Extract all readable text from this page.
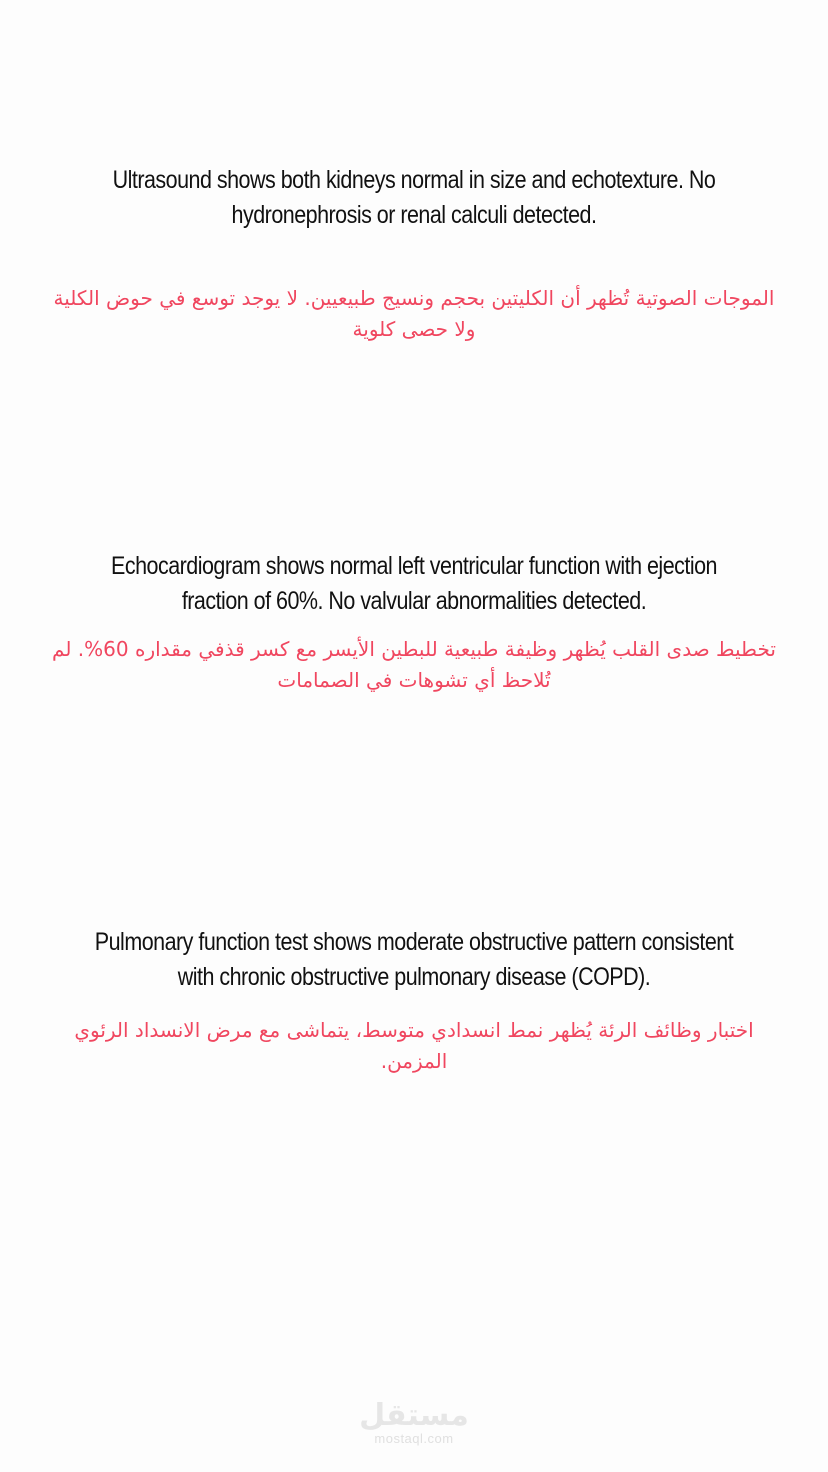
Ultrasound shows both kidneys normal in size and echotexture. No hydronephrosis or renal calculi detected.
الموجات الصوتية تُظهر أن الكليتين بحجم ونسيج طبيعيين. لا يوجد توسع في حوض الكلية ولا حصى كلوية
Echocardiogram shows normal left ventricular function with ejection fraction of 60%. No valvular abnormalities detected.
تخطيط صدى القلب يُظهر وظيفة طبيعية للبطين الأيسر مع كسر قذفي مقداره 60%. لم تُلاحظ أي تشوهات في الصمامات
Pulmonary function test shows moderate obstructive pattern consistent with chronic obstructive pulmonary disease (COPD).
اختبار وظائف الرئة يُظهر نمط انسدادي متوسط، يتماشى مع مرض الانسداد الرئوي المزمن.
مستقل
mostaql.com
